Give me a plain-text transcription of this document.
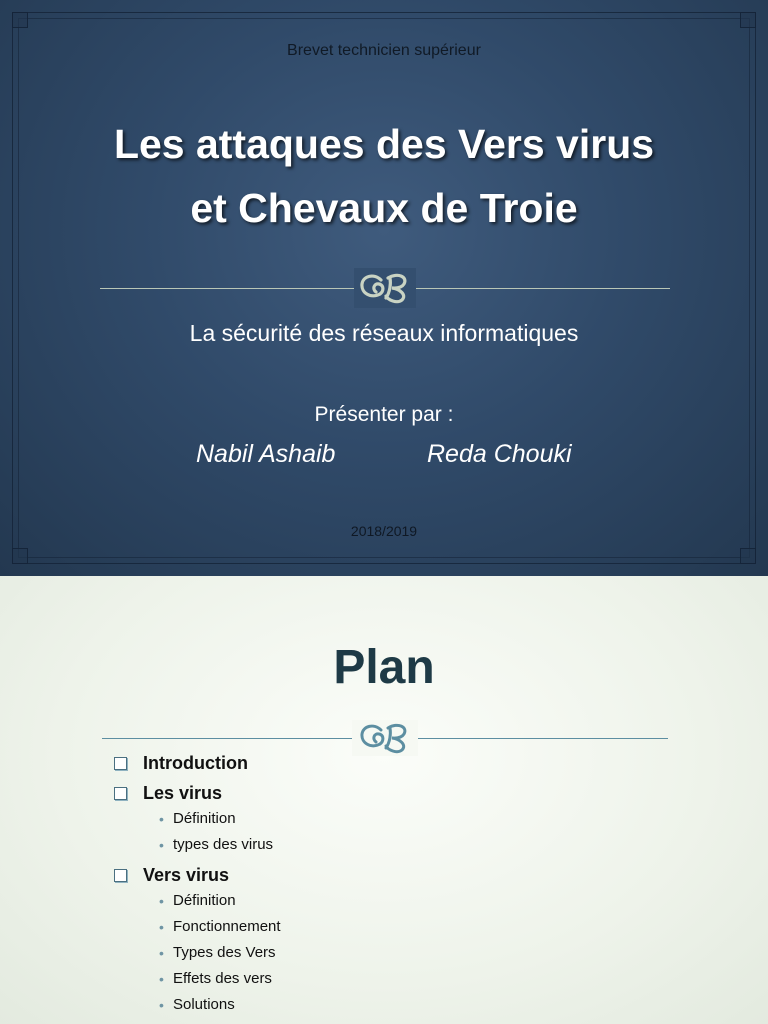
Brevet technicien supérieur
Les attaques des Vers virus
et Chevaux de Troie
La sécurité des réseaux informatiques
Présenter par :
Nabil Ashaib	Reda Chouki
2018/2019
Plan
Introduction
Les virus
• Définition
• types des virus
Vers virus
• Définition
• Fonctionnement
• Types des Vers
• Effets des vers
• Solutions
